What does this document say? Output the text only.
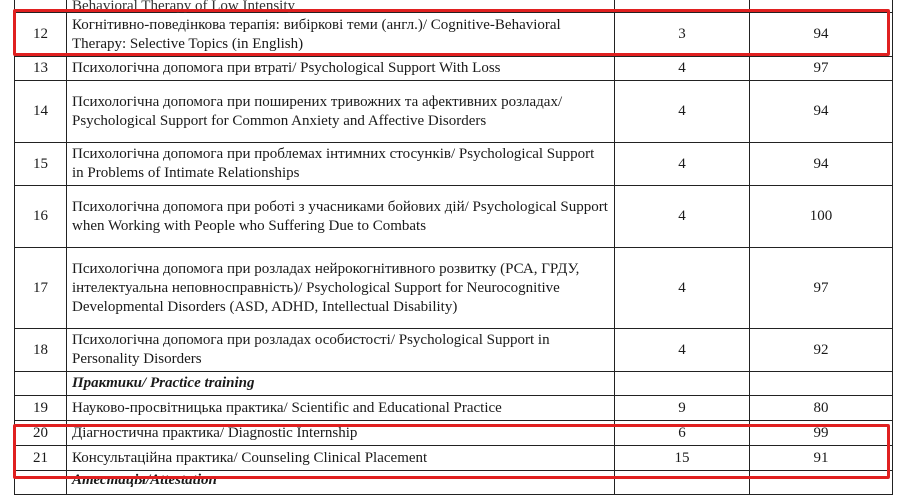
	Behavioral Therapy of Low Intensity		
12	Когнітивно-поведінкова терапія: вибіркові теми (англ.)/ Cognitive-Behavioral Therapy: Selective Topics (in English)	3	94
13	Психологічна допомога при втраті/ Psychological Support With Loss	4	97
14	Психологічна допомога при поширених тривожних та афективних розладах/ Psychological Support for Common Anxiety and Affective Disorders	4	94
15	Психологічна допомога при проблемах інтимних стосунків/ Psychological Support in Problems of Intimate Relationships	4	94
16	Психологічна допомога при роботі з учасниками бойових дій/ Psychological Support when Working with People who Suffering Due to Combats	4	100
17	Психологічна допомога при розладах нейрокогнітивного розвитку (РСА, ГРДУ, інтелектуальна неповносправність)/ Psychological Support for Neurocognitive Developmental Disorders (ASD, ADHD, Intellectual Disability)	4	97
18	Психологічна допомога при розладах особистості/ Psychological Support in Personality Disorders	4	92
	Практики/ Practice training		
19	Науково-просвітницька практика/ Scientific and Educational Practice	9	80
20	Діагностична практика/ Diagnostic Internship	6	99
21	Консультаційна практика/ Counseling Clinical Placement	15	91
	Атестація/Attestation		
